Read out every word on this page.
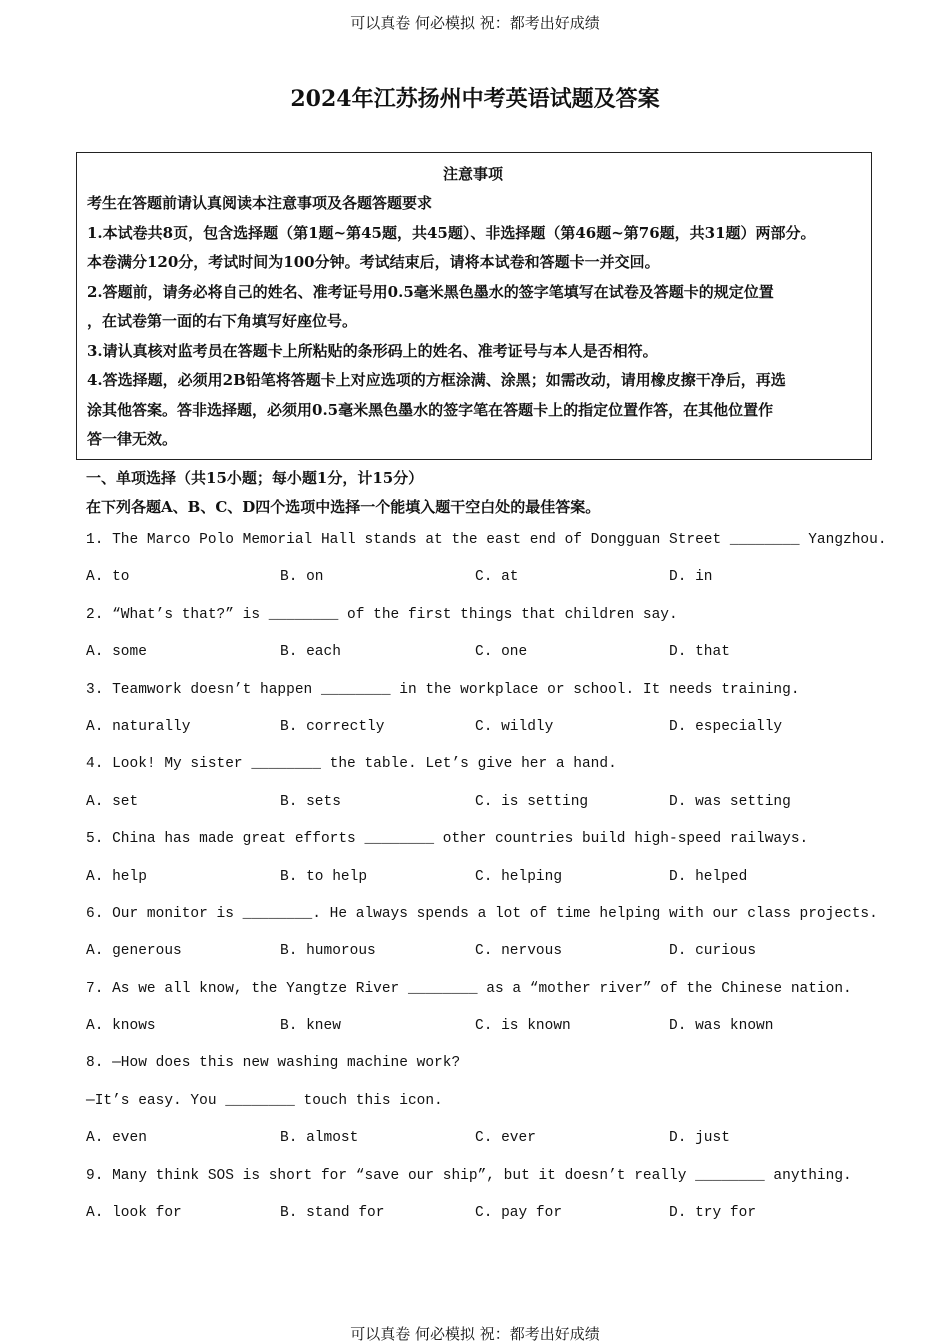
可以真卷 何必模拟 祝：都考出好成绩
2024年江苏扬州中考英语试题及答案
注意事项
考生在答题前请认真阅读本注意事项及各题答题要求
1.本试卷共8页，包含选择题（第1题~第45题，共45题）、非选择题（第46题~第76题，共31题）两部分。
本卷满分120分，考试时间为100分钟。考试结束后，请将本试卷和答题卡一并交回。
2.答题前，请务必将自己的姓名、准考证号用0.5毫米黑色墨水的签字笔填写在试卷及答题卡的规定位置
，在试卷第一面的右下角填写好座位号。
3.请认真核对监考员在答题卡上所粘贴的条形码上的姓名、准考证号与本人是否相符。
4.答选择题，必须用2B铅笔将答题卡上对应选项的方框涂满、涂黑；如需改动，请用橡皮擦干净后，再选
涂其他答案。答非选择题，必须用0.5毫米黑色墨水的签字笔在答题卡上的指定位置作答，在其他位置作
答一律无效。
一、单项选择（共15小题；每小题1分，计15分）
在下列各题A、B、C、D四个选项中选择一个能填入题干空白处的最佳答案。
1. The Marco Polo Memorial Hall stands at the east end of Dongguan Street ________ Yangzhou.
A. to	B. on	C. at	D. in
2. “What’s that?” is ________ of the first things that children say.
A. some	B. each	C. one	D. that
3. Teamwork doesn’t happen ________ in the workplace or school. It needs training.
A. naturally	B. correctly	C. wildly	D. especially
4. Look! My sister ________ the table. Let’s give her a hand.
A. set	B. sets	C. is setting	D. was setting
5. China has made great efforts ________ other countries build high-speed railways.
A. help	B. to help	C. helping	D. helped
6. Our monitor is ________. He always spends a lot of time helping with our class projects.
A. generous	B. humorous	C. nervous	D. curious
7. As we all know, the Yangtze River ________ as a “mother river” of the Chinese nation.
A. knows	B. knew	C. is known	D. was known
8. —How does this new washing machine work?
—It’s easy. You ________ touch this icon.
A. even	B. almost	C. ever	D. just
9. Many think SOS is short for “save our ship”, but it doesn’t really ________ anything.
A. look for	B. stand for	C. pay for	D. try for
可以真卷 何必模拟 祝：都考出好成绩
